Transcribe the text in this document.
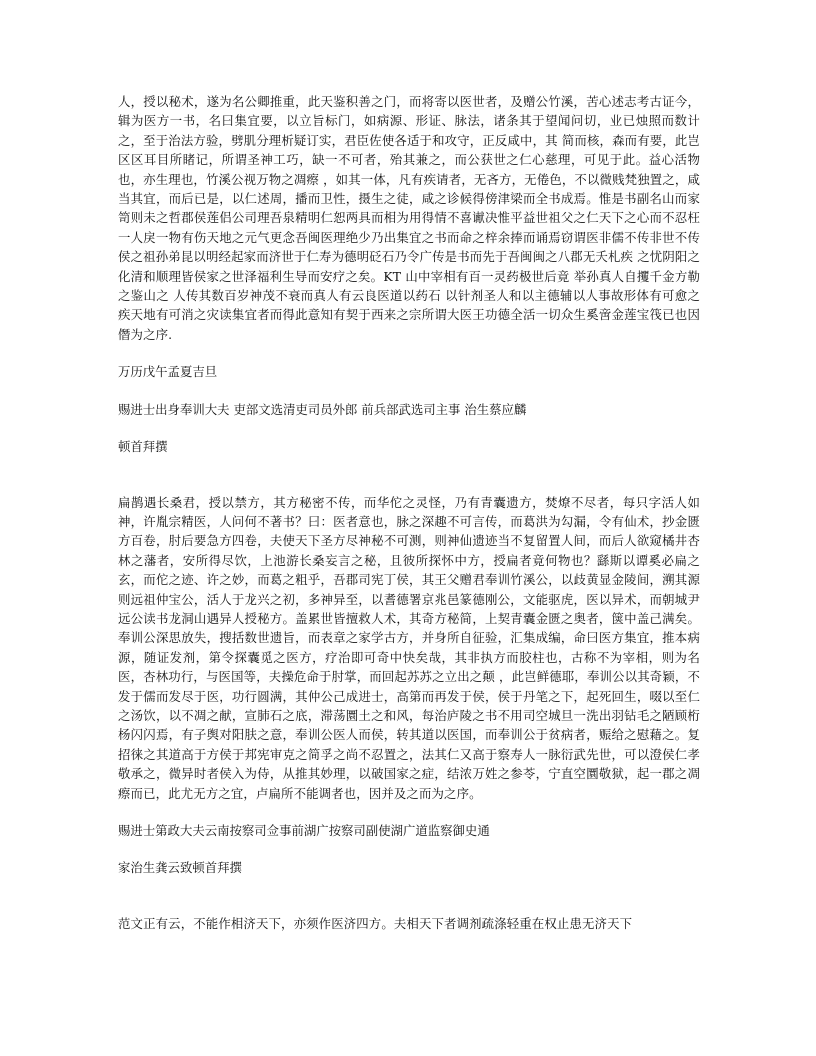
人，授以秘术，遂为名公卿推重，此天鉴积善之门，而将寄以医世者，及赠公竹溪，苦心述志考古证今，辑为医方一书，名曰集宜要，以立旨标门，如病源、形证、脉法，诸条其于望闻问切，业已烛照而数计之，至于治法方验，劈肌分理析疑订实，君臣佐使各适于和攻守，正反咸中，其 简而核，森而有要，此岂区区耳目所睹记，所谓圣神工巧，缺一不可者，殆其兼之，而公获世之仁心慈理，可见于此。益心活物也，亦生理也，竹溪公视万物之凋瘵 ，如其一体，凡有疾请者，无吝方，无倦色，不以微贱梵独置之，咸当其宜，而后已是，以仁述周，播而卫性，摄生之徒，咸之诊候得傍津梁而全书成焉。惟是书副名山而家笥则未之哲郡侯莲侣公司理吾泉精明仁恕两具而相为用得情不喜谳决惟平益世祖父之仁天下之心而不忍枉一人戾一物有伤天地之元气更念吾闽医理绝少乃出集宜之书而命之梓余捧而诵焉窃谓医非儒不传非世不传侯之祖孙弟昆以明经起家而济世于仁寿为德明砭石乃令广传是书而先于吾闽闽之八郡无夭札疾 之忧阴阳之化清和顺理皆侯家之世泽福利生导而安疗之矣。KT 山中宰相有百一灵药极世后竟 举孙真人自攫千金方勒之鉴山之 人传其数百岁神茂不衰而真人有云良医道以药石 以针剂圣人和以主德辅以人事故形体有可愈之疾天地有可消之灾读集宜者而得此意知有契于西来之宗所谓大医王功德全活一切众生奚啻金莲宝筏已也因僭为之序.

万历戊午孟夏吉旦

赐进士出身奉训大夫 吏部文选清吏司员外郎 前兵部武选司主事 治生蔡应麟

顿首拜撰

扁鹊遇长桑君，授以禁方，其方秘密不传，而华佗之灵怪，乃有青囊遗方，焚燎不尽者，每只字活人如神，许胤宗精医，人问何不著书？曰：医者意也，脉之深趣不可言传，而葛洪为勾漏，令有仙术，抄金匮方百卷，肘后要急方四卷，夫使天下圣方尽神秘不可测，则神仙遗迹当不复留置人间，而后人欲窥橘井杏林之藩者，安所得尽饮，上池游长桑妄言之秘，且彼所探怀中方，授扁者竟何物也？繇斯以谭奚必扁之玄，而佗之迹、许之妙，而葛之粗乎，吾郡司宪丁侯，其王父赠君奉训竹溪公，以歧黄显金陵间，溯其源则远祖仲宝公，活人于龙兴之初，多神异至，以耆德署京兆邑篆德刚公，文能驱虎，医以异术，而朝城尹远公读书龙洞山遇异人授秘方。盖累世皆擅救人术，其奇方秘简，上契青囊金匮之奥者，箧中盖己满矣。奉训公深思放失，搜括数世遗旨，而表章之家学古方，并身所自征验，汇集成编，命曰医方集宜，推本病源，随证发剂，第令探囊觅之医方，疗治即可奇中快矣哉，其非执方而胶柱也，古称不为宰相，则为名医，杏林功行，与医国等，夫操危命于肘掌，而回起苏苏之立出之颠 ，此岂鲜德耶，奉训公以其奇颖，不发于儒而发尽于医，功行圆满，其仲公己成进士，高第而再发于侯，侯于丹笔之下，起死回生，啜以至仁之汤饮，以不凋之献，宣肺石之底，滞荡圜土之和风，每治庐陵之书不用司空城旦一洗出羽钻毛之陋顾桁杨闪闪焉，有子舆对阳肤之意，奉训公医人而侯，转其道以医国，而奉训公于贫病者，赈给之慰藉之。复招徕之其道高于方侯于邦宪审克之简孚之尚不忍置之，法其仁又高于察寿人一脉衍武先世，可以澄侯仁孝敬承之，微异时者侯入为侍，从推其妙理，以破国家之症，结浓万姓之参苓，宁直空圜敬狱，起一郡之凋瘵而已，此尤无方之宜，卢扁所不能调者也，因并及之而为之序。

赐进士第政大夫云南按察司佥事前湖广按察司副使湖广道监察御史通

家治生龚云致顿首拜撰

范文正有云，不能作相济天下，亦须作医济四方。夫相天下者调剂疏涤轻重在权止患无济天下
